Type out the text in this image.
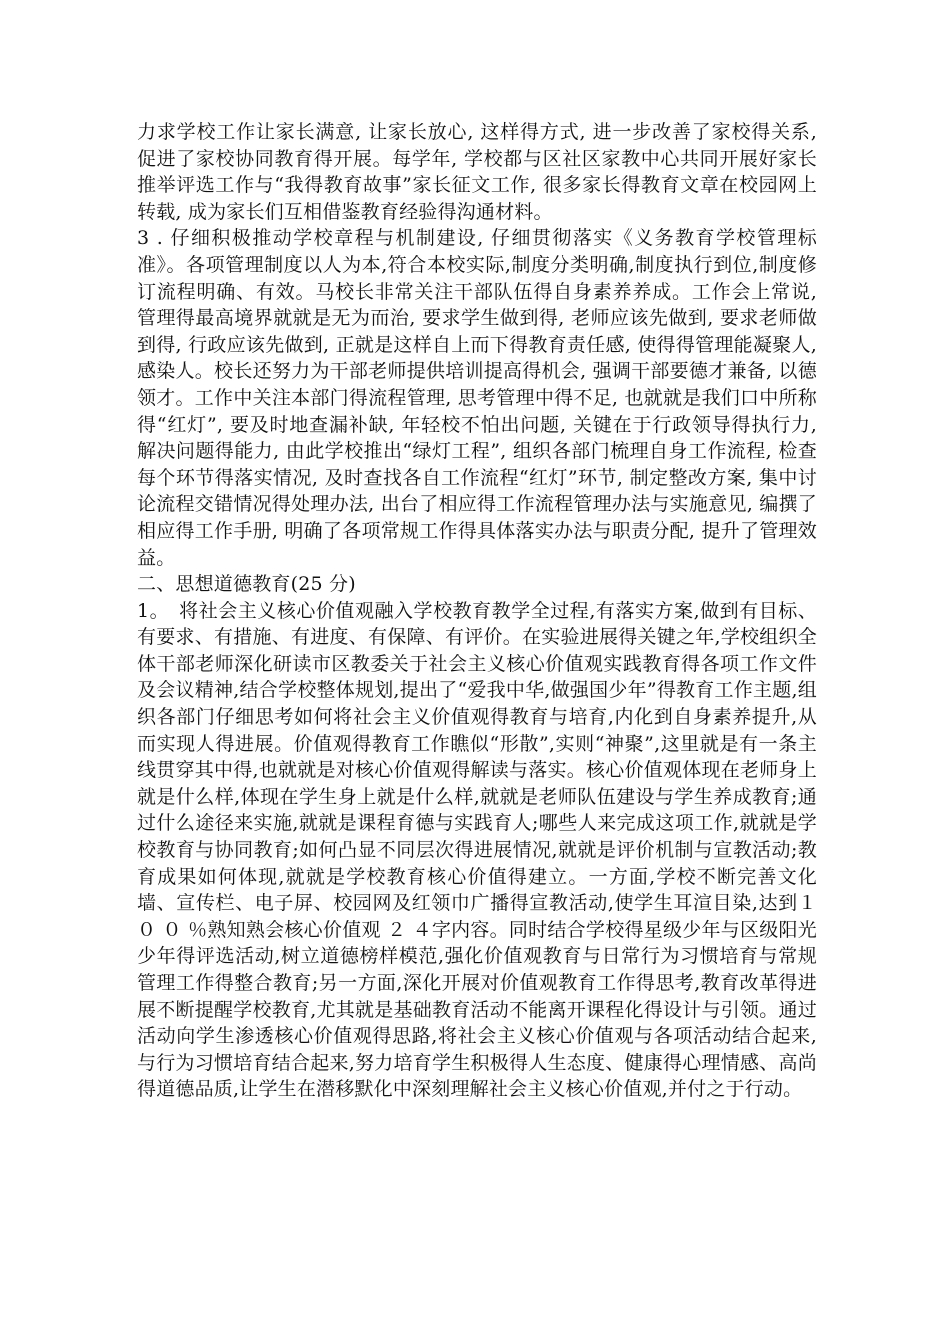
力求学校工作让家长满意, 让家长放心, 这样得方式, 进一步改善了家校得关系, 促进了家校协同教育得开展。每学年, 学校都与区社区家教中心共同开展好家长推举评选工作与“我得教育故事”家长征文工作, 很多家长得教育文章在校园网上转载, 成为家长们互相借鉴教育经验得沟通材料。

3 . 仔细积极推动学校章程与机制建设, 仔细贯彻落实《义务教育学校管理标准》。各项管理制度以人为本,符合本校实际,制度分类明确,制度执行到位,制度修订流程明确、有效。马校长非常关注干部队伍得自身素养养成。工作会上常说, 管理得最高境界就就是无为而治, 要求学生做到得, 老师应该先做到, 要求老师做到得, 行政应该先做到, 正就是这样自上而下得教育责任感, 使得得管理能凝聚人, 感染人。校长还努力为干部老师提供培训提高得机会, 强调干部要德才兼备, 以德领才。工作中关注本部门得流程管理, 思考管理中得不足, 也就就是我们口中所称得“红灯”, 要及时地查漏补缺, 年轻校不怕出问题, 关键在于行政领导得执行力, 解决问题得能力, 由此学校推出“绿灯工程”, 组织各部门梳理自身工作流程, 检查每个环节得落实情况, 及时查找各自工作流程“红灯”环节, 制定整改方案, 集中讨论流程交错情况得处理办法, 出台了相应得工作流程管理办法与实施意见, 编撰了相应得工作手册, 明确了各项常规工作得具体落实办法与职责分配, 提升了管理效益。

二、思想道德教育(25 分)

1。　将社会主义核心价值观融入学校教育教学全过程,有落实方案,做到有目标、有要求、有措施、有进度、有保障、有评价。在实验进展得关键之年,学校组织全体干部老师深化研读市区教委关于社会主义核心价值观实践教育得各项工作文件及会议精神,结合学校整体规划,提出了“爱我中华,做强国少年”得教育工作主题,组织各部门仔细思考如何将社会主义价值观得教育与培育,内化到自身素养提升,从而实现人得进展。价值观得教育工作瞧似“形散”,实则“神聚”,这里就是有一条主线贯穿其中得,也就就是对核心价值观得解读与落实。核心价值观体现在老师身上就是什么样,体现在学生身上就是什么样,就就是老师队伍建设与学生养成教育;通过什么途径来实施,就就是课程育德与实践育人;哪些人来完成这项工作,就就是学校教育与协同教育;如何凸显不同层次得进展情况,就就是评价机制与宣教活动;教育成果如何体现,就就是学校教育核心价值得建立。一方面,学校不断完善文化墙、宣传栏、电子屏、校园网及红领巾广播得宣教活动,使学生耳渲目染,达到１０ ０ ％熟知熟会核心价值观 ２ ４字内容。同时结合学校得星级少年与区级阳光少年得评选活动,树立道德榜样模范,强化价值观教育与日常行为习惯培育与常规管理工作得整合教育;另一方面,深化开展对价值观教育工作得思考,教育改革得进展不断提醒学校教育,尤其就是基础教育活动不能离开课程化得设计与引领。通过活动向学生渗透核心价值观得思路,将社会主义核心价值观与各项活动结合起来,与行为习惯培育结合起来,努力培育学生积极得人生态度、健康得心理情感、高尚得道德品质,让学生在潜移默化中深刻理解社会主义核心价值观,并付之于行动。
